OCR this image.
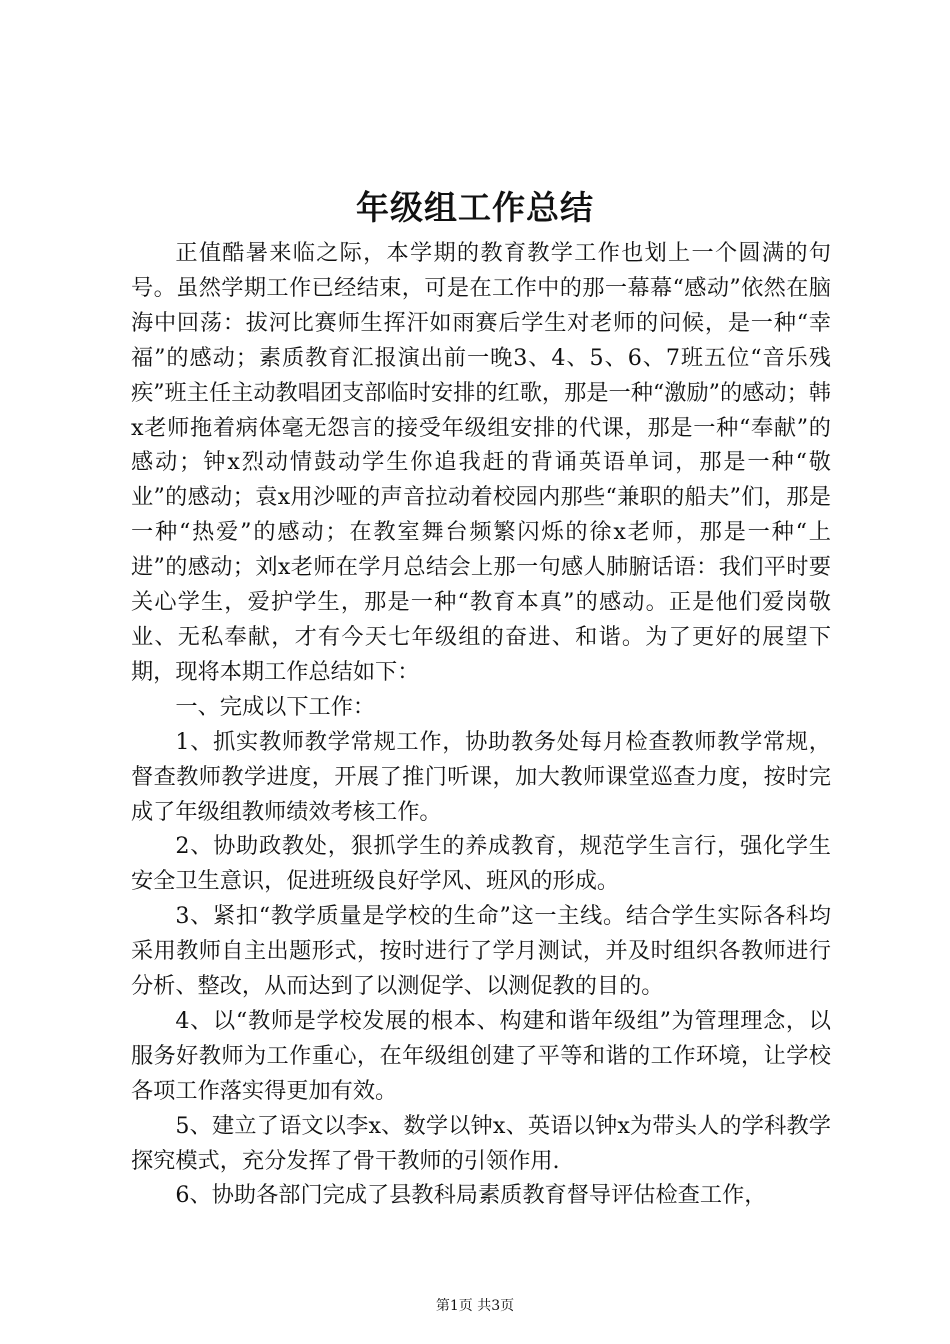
年级组工作总结

正值酷暑来临之际，本学期的教育教学工作也划上一个圆满的句号。虽然学期工作已经结束，可是在工作中的那一幕幕“感动”依然在脑海中回荡：拔河比赛师生挥汗如雨赛后学生对老师的问候，是一种“幸福”的感动；素质教育汇报演出前一晚3、4、5、6、7班五位“音乐残疾”班主任主动教唱团支部临时安排的红歌，那是一种“激励”的感动；韩x老师拖着病体毫无怨言的接受年级组安排的代课，那是一种“奉献”的感动；钟x烈动情鼓动学生你追我赶的背诵英语单词，那是一种“敬业”的感动；袁x用沙哑的声音拉动着校园内那些“兼职的船夫”们，那是一种“热爱”的感动；在教室舞台频繁闪烁的徐x老师，那是一种“上进”的感动；刘x老师在学月总结会上那一句感人肺腑话语：我们平时要关心学生，爱护学生，那是一种“教育本真”的感动。正是他们爱岗敬业、无私奉献，才有今天七年级组的奋进、和谐。为了更好的展望下期，现将本期工作总结如下：

一、完成以下工作：

1、抓实教师教学常规工作，协助教务处每月检查教师教学常规，督查教师教学进度，开展了推门听课，加大教师课堂巡查力度，按时完成了年级组教师绩效考核工作。

2、协助政教处，狠抓学生的养成教育，规范学生言行，强化学生安全卫生意识，促进班级良好学风、班风的形成。

3、紧扣“教学质量是学校的生命”这一主线。结合学生实际各科均采用教师自主出题形式，按时进行了学月测试，并及时组织各教师进行分析、整改，从而达到了以测促学、以测促教的目的。

4、以“教师是学校发展的根本、构建和谐年级组”为管理理念，以服务好教师为工作重心，在年级组创建了平等和谐的工作环境，让学校各项工作落实得更加有效。

5、建立了语文以李x、数学以钟x、英语以钟x为带头人的学科教学探究模式，充分发挥了骨干教师的引领作用.

6、协助各部门完成了县教科局素质教育督导评估检查工作，

第1页 共3页
